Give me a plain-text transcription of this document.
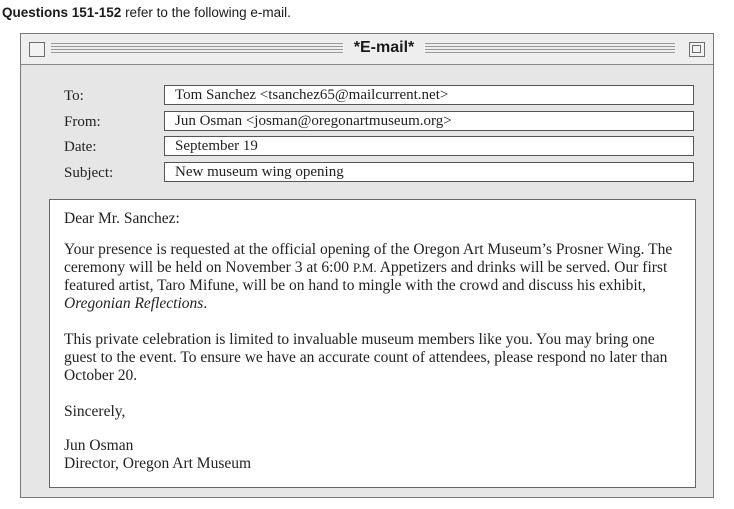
Questions 151-152 refer to the following e-mail.
*E-mail*
To:	Tom Sanchez <tsanchez65@mailcurrent.net>
From:	Jun Osman <josman@oregonartmuseum.org>
Date:	September 19
Subject:	New museum wing opening

Dear Mr. Sanchez:

Your presence is requested at the official opening of the Oregon Art Museum’s Prosner Wing. The ceremony will be held on November 3 at 6:00 P.M. Appetizers and drinks will be served. Our first featured artist, Taro Mifune, will be on hand to mingle with the crowd and discuss his exhibit, Oregonian Reflections.

This private celebration is limited to invaluable museum members like you. You may bring one guest to the event. To ensure we have an accurate count of attendees, please respond no later than October 20.

Sincerely,

Jun Osman

Director, Oregon Art Museum
